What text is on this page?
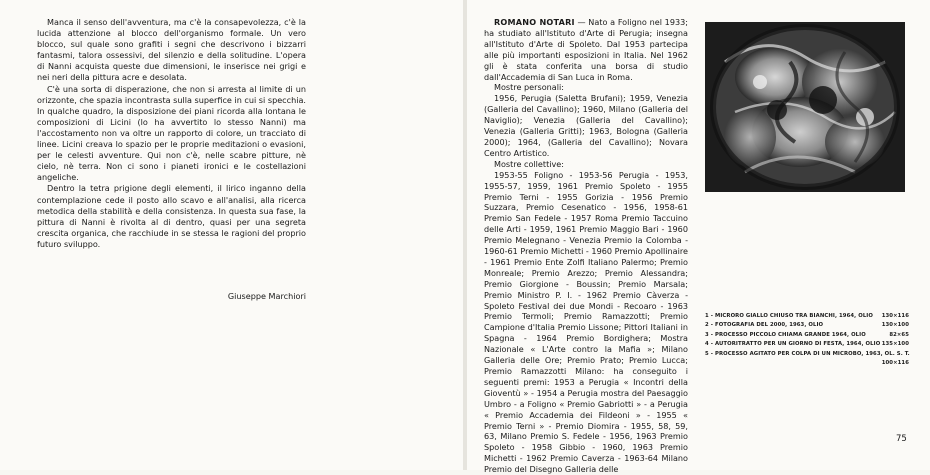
Manca il senso dell'avventura, ma c'è la consapevolezza, c'è la lucida attenzione al blocco dell'organismo formale. Un vero blocco, sul quale sono grafiti i segni che descrivono i bizzarri fantasmi, talora ossessivi, del silenzio e della solitudine. L'opera di Nanni acquista queste due dimensioni, le inserisce nei grigi e nei neri della pittura acre e desolata.

C'è una sorta di disperazione, che non si arresta al limite di un orizzonte, che spazia incontrasta sulla superfice in cui si specchia. In qualche quadro, la disposizione dei piani ricorda alla lontana le composizioni di Licini (lo ha avvertito lo stesso Nanni) ma l'accostamento non va oltre un rapporto di colore, un tracciato di linee. Licini creava lo spazio per le proprie meditazioni o evasioni, per le celesti avventure. Qui non c'è, nelle scabre pitture, nè cielo, nè terra. Non ci sono i pianeti ironici e le costellazioni angeliche.

Dentro la tetra prigione degli elementi, il lirico inganno della contemplazione cede il posto allo scavo e all'analisi, alla ricerca metodica della stabilità e della consistenza. In questa sua fase, la pittura di Nanni è rivolta al di dentro, quasi per una segreta crescita organica, che racchiude in se stessa le ragioni del proprio futuro sviluppo.

Giuseppe Marchiori

ROMANO NOTARI — Nato a Foligno nel 1933; ha studiato all'Istituto d'Arte di Perugia; insegna all'Istituto d'Arte di Spoleto. Dal 1953 partecipa alle più importanti esposizioni in Italia. Nel 1962 gli è stata conferita una borsa di studio dall'Accademia di San Luca in Roma.

Mostre personali:

1956, Perugia (Saletta Brufani); 1959, Venezia (Galleria del Cavallino); 1960, Milano (Galleria del Naviglio); Venezia (Galleria del Cavallino); Venezia (Galleria Gritti); 1963, Bologna (Galleria 2000); 1964, (Galleria del Cavallino); Novara Centro Artistico.

Mostre collettive:

1953-55 Foligno - 1953-56 Perugia - 1953, 1955-57, 1959, 1961 Premio Spoleto - 1955 Premio Terni - 1955 Gorizia - 1956 Premio Suzzara, Premio Cesenatico - 1956, 1958-61 Premio San Fedele - 1957 Roma Premio Taccuino delle Arti - 1959, 1961 Premio Maggio Bari - 1960 Premio Melegnano - Venezia Premio la Colomba - 1960-61 Premio Michetti - 1960 Premio Apollinaire - 1961 Premio Ente Zolfi Italiano Palermo; Premio Monreale; Premio Arezzo; Premio Alessandra; Premio Giorgione - Boussin; Premio Marsala; Premio Ministro P. I. - 1962 Premio Càverza - Spoleto Festival dei due Mondi - Recoaro - 1963 Premio Termoli; Premio Ramazzotti; Premio Campione d'Italia Premio Lissone; Pittori Italiani in Spagna - 1964 Premio Bordighera; Mostra Nazionale « L'Arte contro la Mafia »; Milano Galleria delle Ore; Premio Prato; Premio Lucca; Premio Ramazzotti Milano: ha conseguito i seguenti premi: 1953 a Perugia « Incontri della Gioventù » - 1954 a Perugia mostra del Paesaggio Umbro - a Foligno « Premio Gabriotti » - a Perugia « Premio Accademia dei Fildeoni » - 1955 « Premio Terni » - Premio Diomira - 1955, 58, 59, 63, Milano Premio S. Fedele - 1956, 1963 Premio Spoleto - 1958 Gibbio - 1960, 1963 Premio Michetti - 1962 Premio Caverza - 1963-64 Milano Premio del Disegno Galleria delle

1 - MICRORO GIALLO CHIUSO TRA BIANCHI, 1964, OLIO 130×116
2 - FOTOGRAFIA DEL 2000, 1963, OLIO	130×100
3 - PROCESSO PICCOLO CHIAMA GRANDE 1964, OLIO	82×65
4 - AUTORITRATTO PER UN GIORNO DI FESTA, 1964, OLIO 135×100
5 - PROCESSO AGITATO PER COLPA DI UN MICROBO, 1963, OL. S. T.
100×116
75
